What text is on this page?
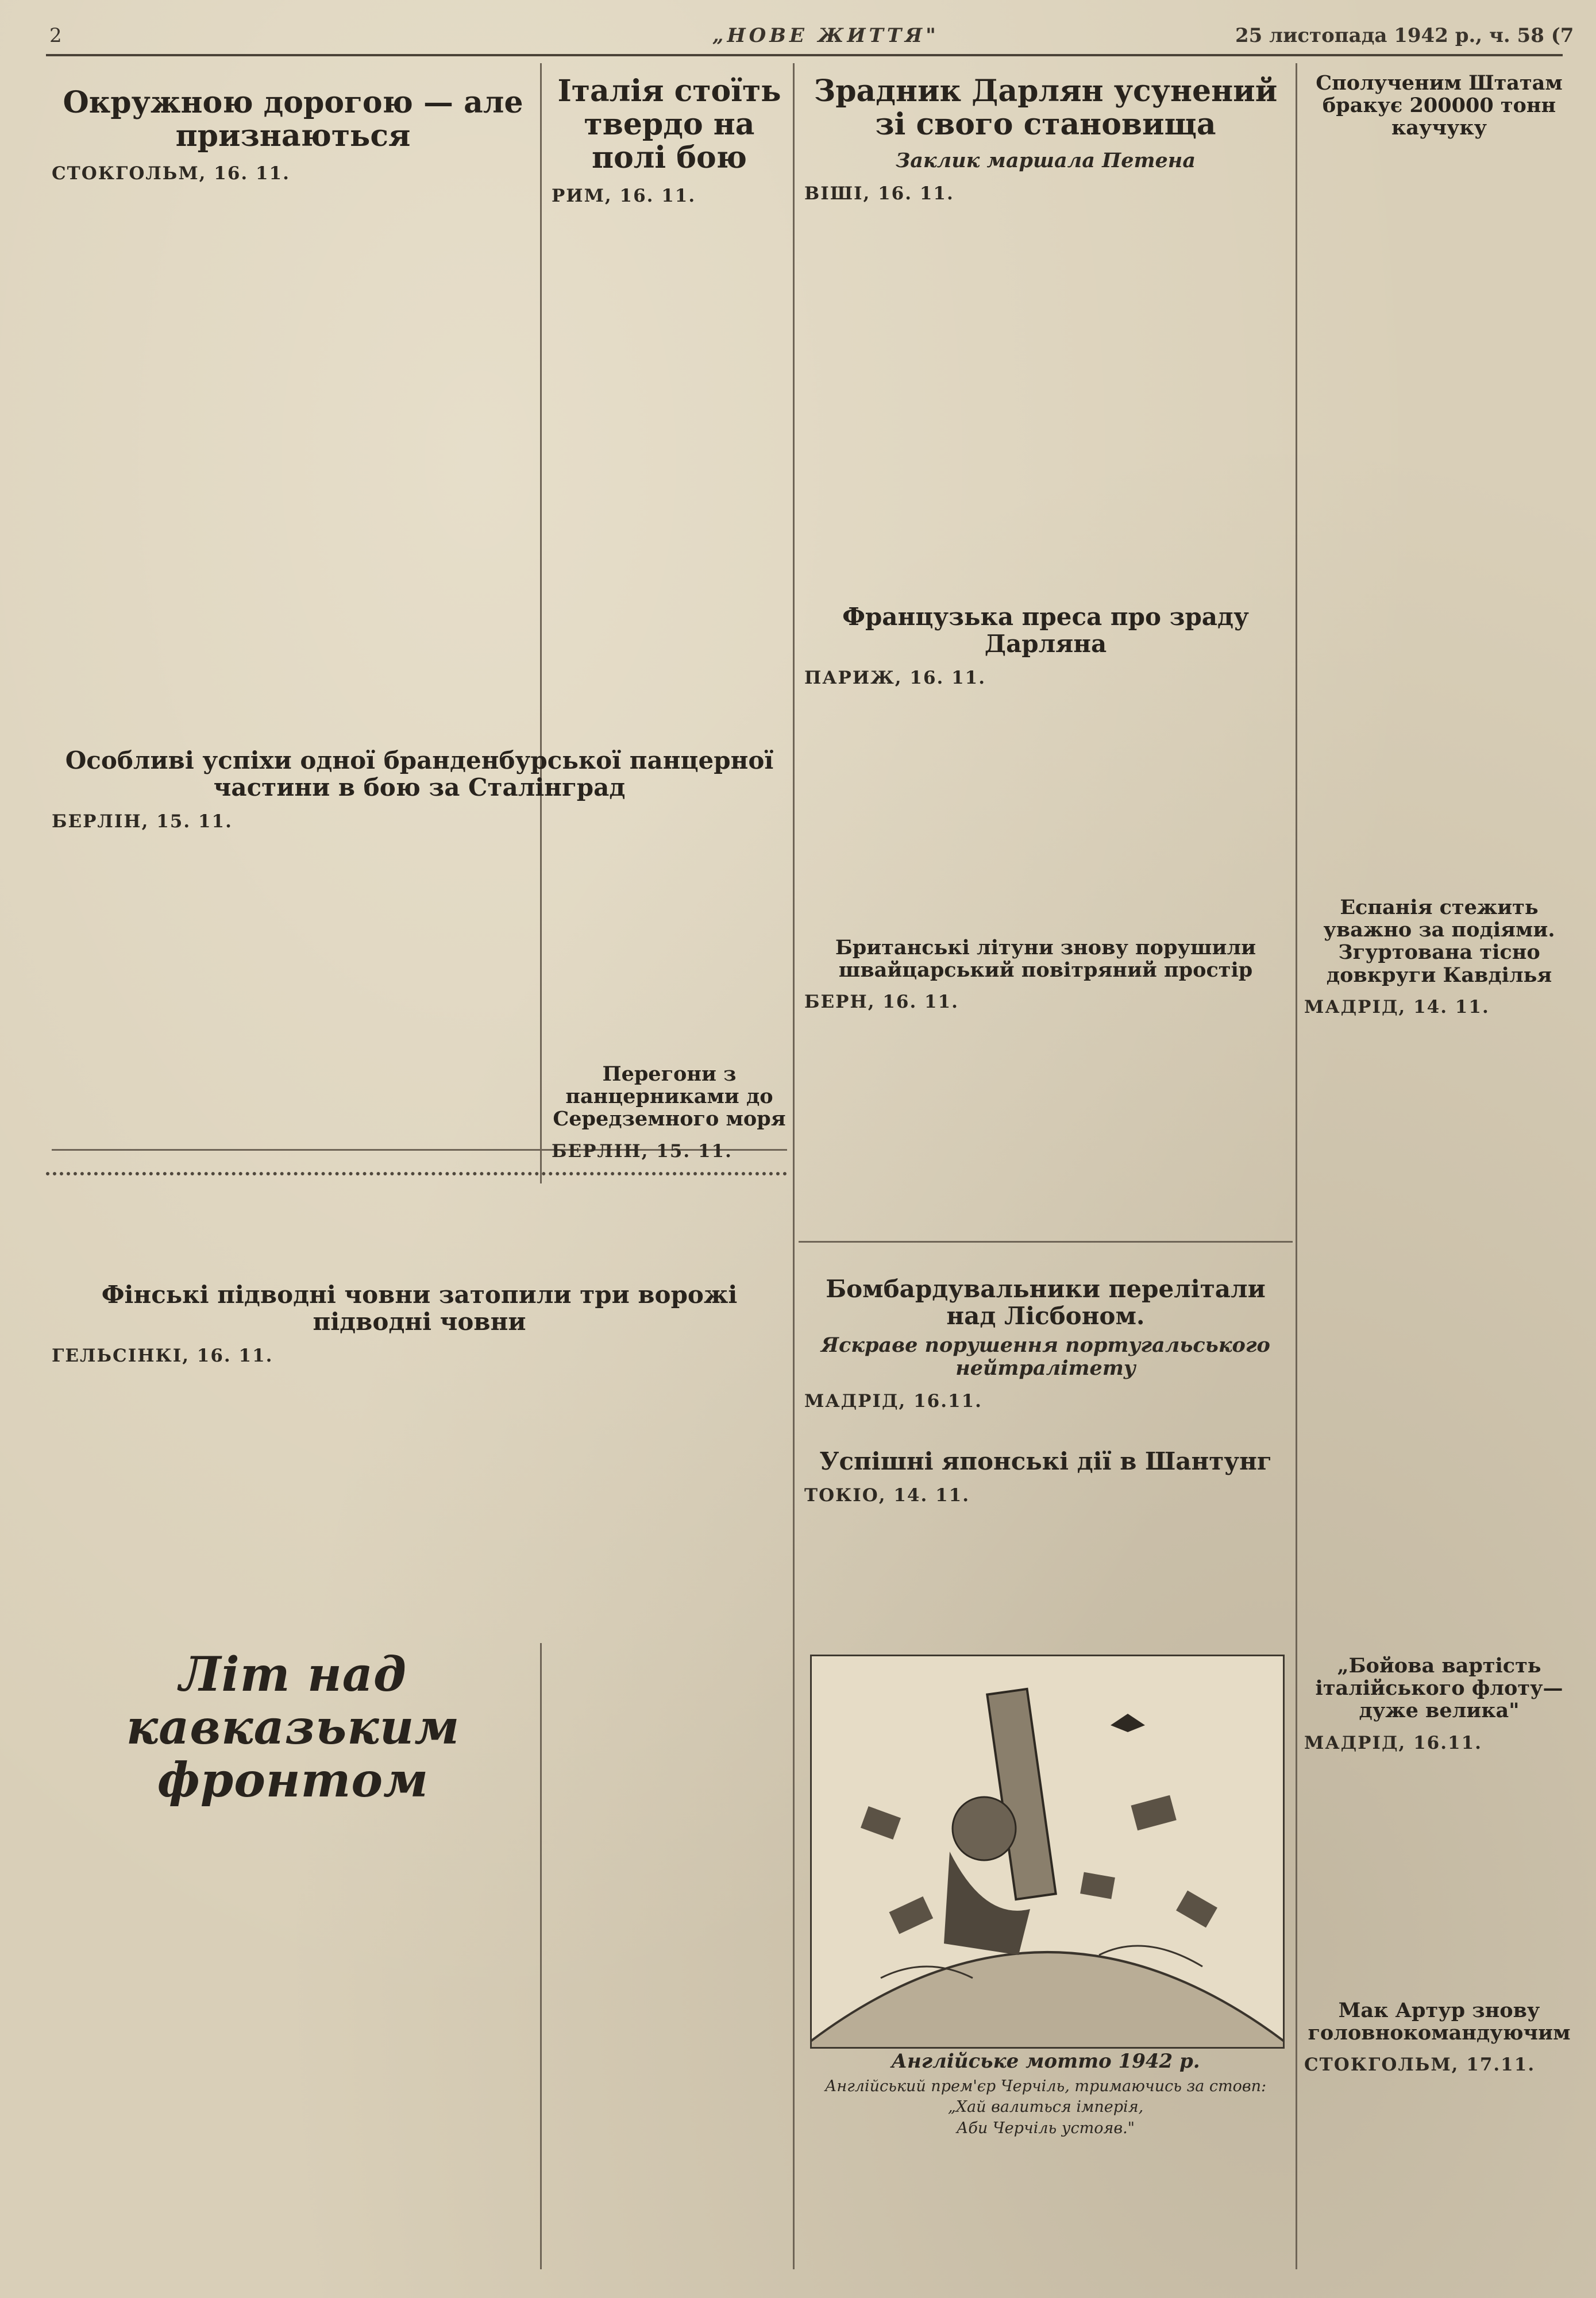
2	„НОВЕ ЖИТТЯ"	25 листопада 1942 р., ч. 58 (7
Окружною дорогою — але признаються
СТОКГОЛЬМ, 16. 11.
Італія стоїть твердо на полі бою
РИМ, 16. 11.
Зрадник Дарлян усунений зі свого становища
Заклик маршала Петена
ВІШІ, 16. 11.
Сполученим Штатам бракує 200000 тонн каучуку
Особливі успіхи одної бранденбурської панцерної частини в бою за Сталінград
БЕРЛІН, 15. 11.
Французька преса про зраду Дарляна
ПАРИЖ, 16. 11.
Еспанія стежить уважно за подіями. Згуртована тісно довкруги Кавділья
МАДРІД, 14. 11.
Британські літуни знову порушили швайцарський повітряний простір
БЕРН, 16. 11.
Перегони з панцерниками до Середземного моря
БЕРЛІН, 15. 11.
Бомбардувальники перелітали над Лісбоном.
Яскраве порушення португальського нейтралітету
МАДРІД, 16.11.
Фінські підводні човни затопили три ворожі підводні човни
ГЕЛЬСІНКІ, 16. 11.
„Бойова вартість італійського флоту—дуже велика"
МАДРІД, 16.11.
Літ над кавказьким фронтом
Успішні японські дії в Шантунг
ТОКІО, 14. 11.
Мак Артур знову головнокомандуючим
СТОКГОЛЬМ, 17.11.
Англійське мотто 1942 р.
Англійський прем'єр Черчіль, тримаючись за стовп:
„Хай валиться імперія,
Аби Черчіль устояв."
